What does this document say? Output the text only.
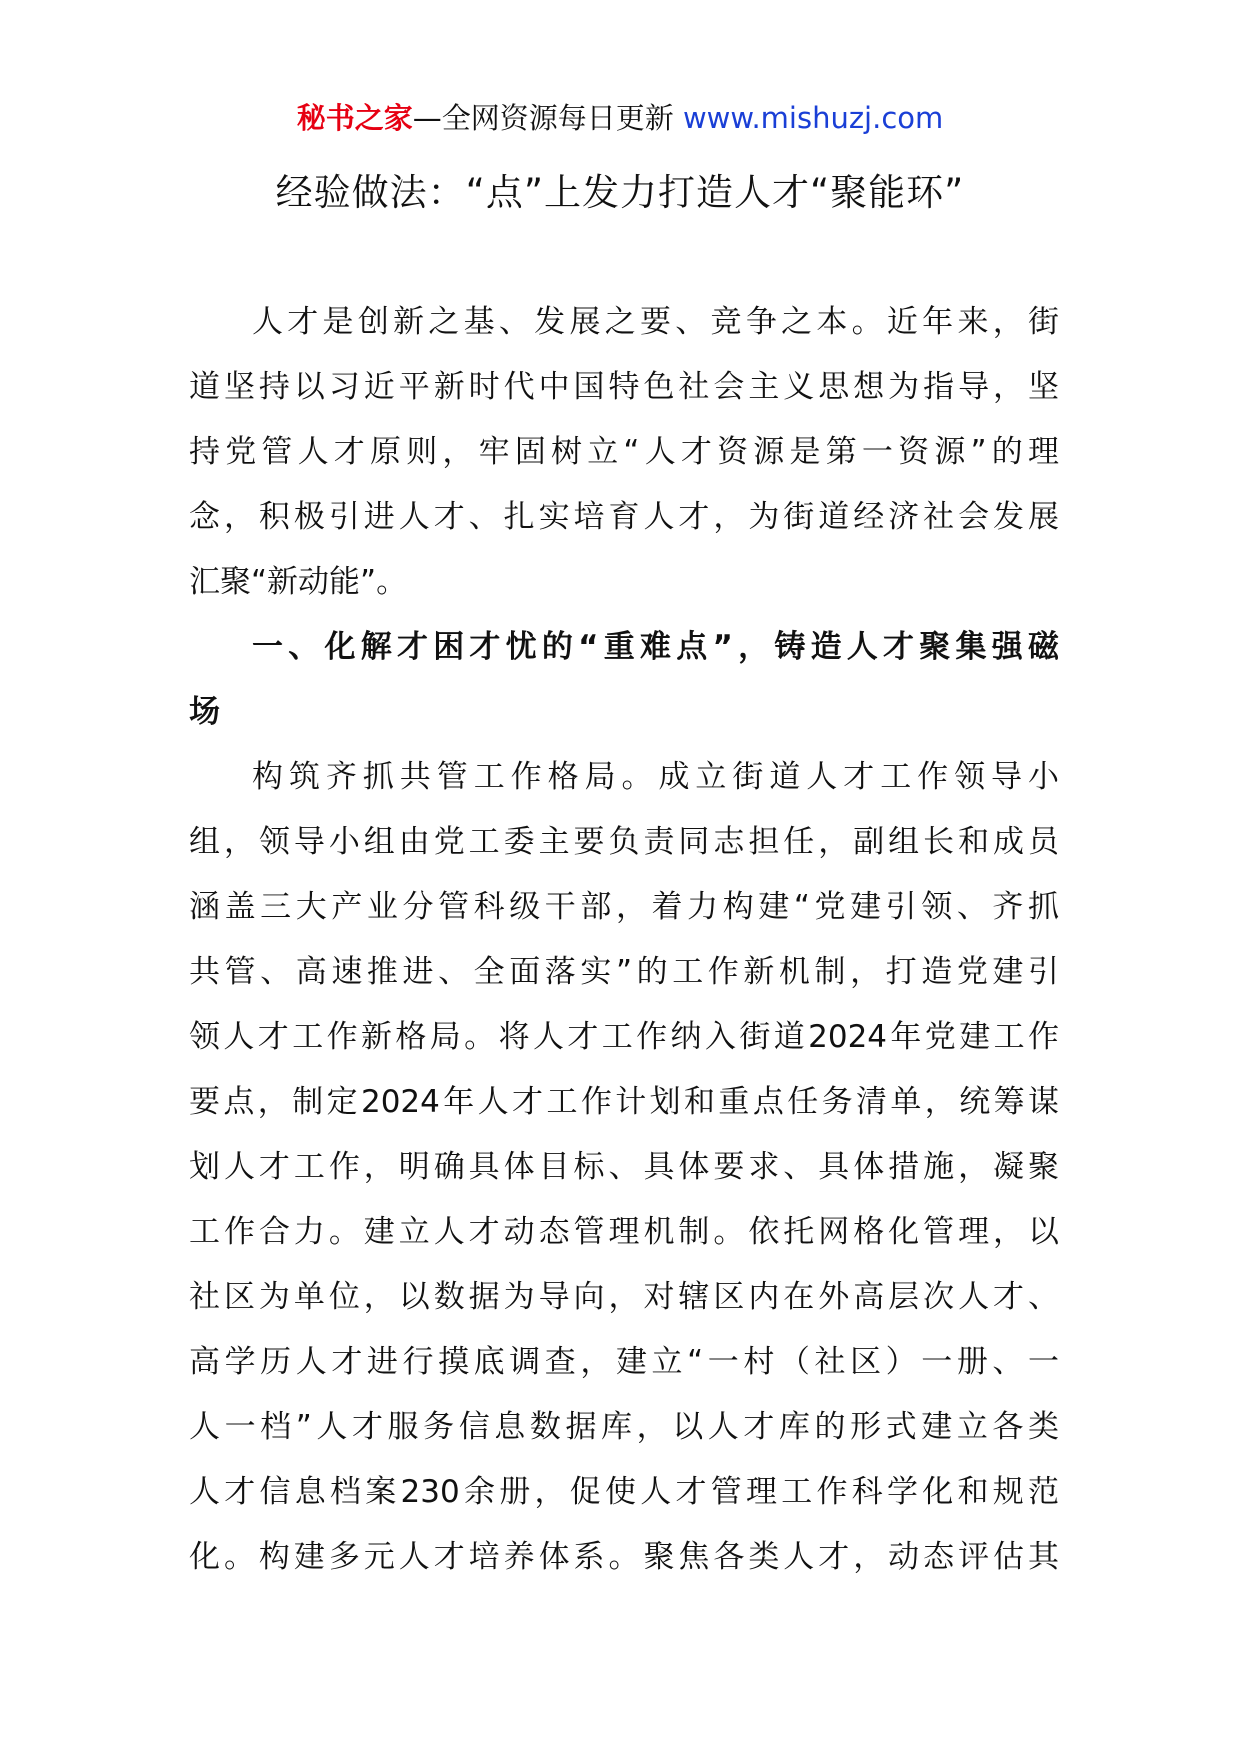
秘书之家—全网资源每日更新 www.mishuzj.com
经验做法：“点”上发力打造人才“聚能环”
人才是创新之基、发展之要、竞争之本。近年来，街
道坚持以习近平新时代中国特色社会主义思想为指导，坚
持党管人才原则，牢固树立“人才资源是第一资源”的理
念，积极引进人才、扎实培育人才，为街道经济社会发展
汇聚“新动能”。
一、化解才困才忧的“重难点”，铸造人才聚集强磁
场
构筑齐抓共管工作格局。成立街道人才工作领导小
组，领导小组由党工委主要负责同志担任，副组长和成员
涵盖三大产业分管科级干部，着力构建“党建引领、齐抓
共管、高速推进、全面落实”的工作新机制，打造党建引
领人才工作新格局。将人才工作纳入街道2024年党建工作
要点，制定2024年人才工作计划和重点任务清单，统筹谋
划人才工作，明确具体目标、具体要求、具体措施，凝聚
工作合力。建立人才动态管理机制。依托网格化管理，以
社区为单位，以数据为导向，对辖区内在外高层次人才、
高学历人才进行摸底调查，建立“一村（社区）一册、一
人一档”人才服务信息数据库，以人才库的形式建立各类
人才信息档案230余册，促使人才管理工作科学化和规范
化。构建多元人才培养体系。聚焦各类人才，动态评估其
